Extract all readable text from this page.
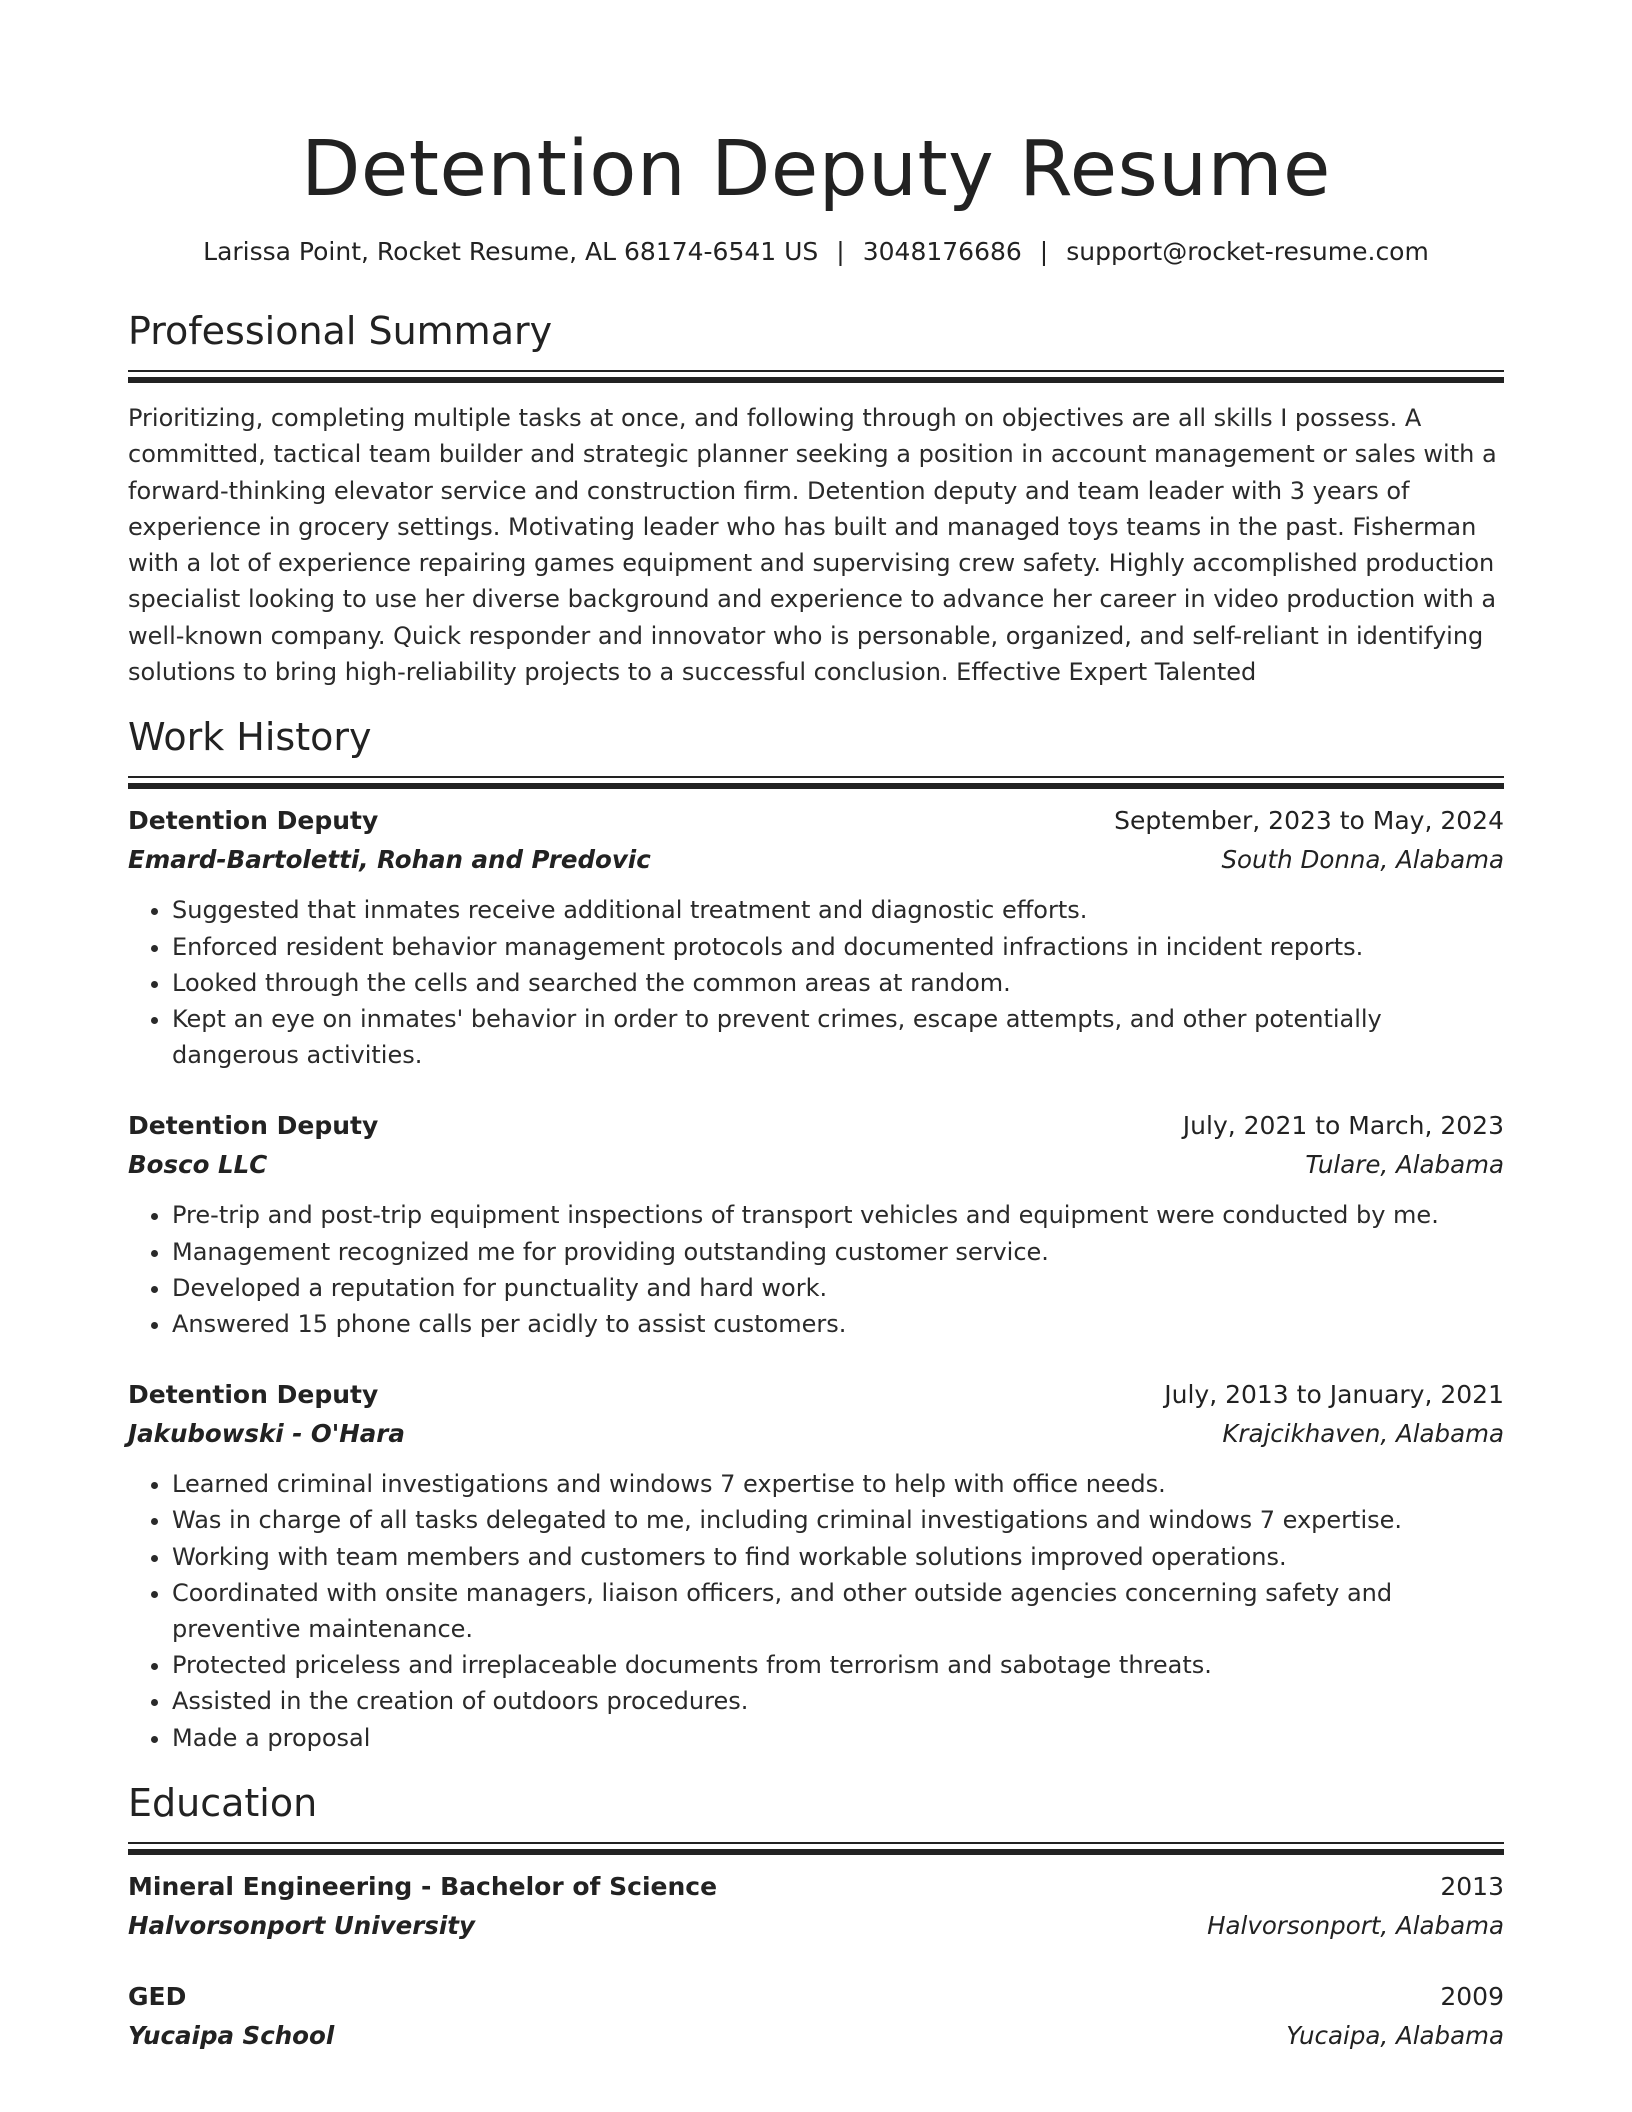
Detention Deputy Resume
Larissa Point, Rocket Resume, AL 68174-6541 US | 3048176686 | support@rocket-resume.com
Professional Summary
Prioritizing, completing multiple tasks at once, and following through on objectives are all skills I possess. A committed, tactical team builder and strategic planner seeking a position in account management or sales with a forward-thinking elevator service and construction firm. Detention deputy and team leader with 3 years of experience in grocery settings. Motivating leader who has built and managed toys teams in the past. Fisherman with a lot of experience repairing games equipment and supervising crew safety. Highly accomplished production specialist looking to use her diverse background and experience to advance her career in video production with a well-known company. Quick responder and innovator who is personable, organized, and self-reliant in identifying solutions to bring high-reliability projects to a successful conclusion. Effective Expert Talented
Work History
Detention Deputy	September, 2023 to May, 2024
Emard-Bartoletti, Rohan and Predovic	South Donna, Alabama
• Suggested that inmates receive additional treatment and diagnostic efforts.
• Enforced resident behavior management protocols and documented infractions in incident reports.
• Looked through the cells and searched the common areas at random.
• Kept an eye on inmates' behavior in order to prevent crimes, escape attempts, and other potentially dangerous activities.
Detention Deputy	July, 2021 to March, 2023
Bosco LLC	Tulare, Alabama
• Pre-trip and post-trip equipment inspections of transport vehicles and equipment were conducted by me.
• Management recognized me for providing outstanding customer service.
• Developed a reputation for punctuality and hard work.
• Answered 15 phone calls per acidly to assist customers.
Detention Deputy	July, 2013 to January, 2021
Jakubowski - O'Hara	Krajcikhaven, Alabama
• Learned criminal investigations and windows 7 expertise to help with office needs.
• Was in charge of all tasks delegated to me, including criminal investigations and windows 7 expertise.
• Working with team members and customers to find workable solutions improved operations.
• Coordinated with onsite managers, liaison officers, and other outside agencies concerning safety and preventive maintenance.
• Protected priceless and irreplaceable documents from terrorism and sabotage threats.
• Assisted in the creation of outdoors procedures.
• Made a proposal
Education
Mineral Engineering - Bachelor of Science	2013
Halvorsonport University	Halvorsonport, Alabama
GED	2009
Yucaipa School	Yucaipa, Alabama
